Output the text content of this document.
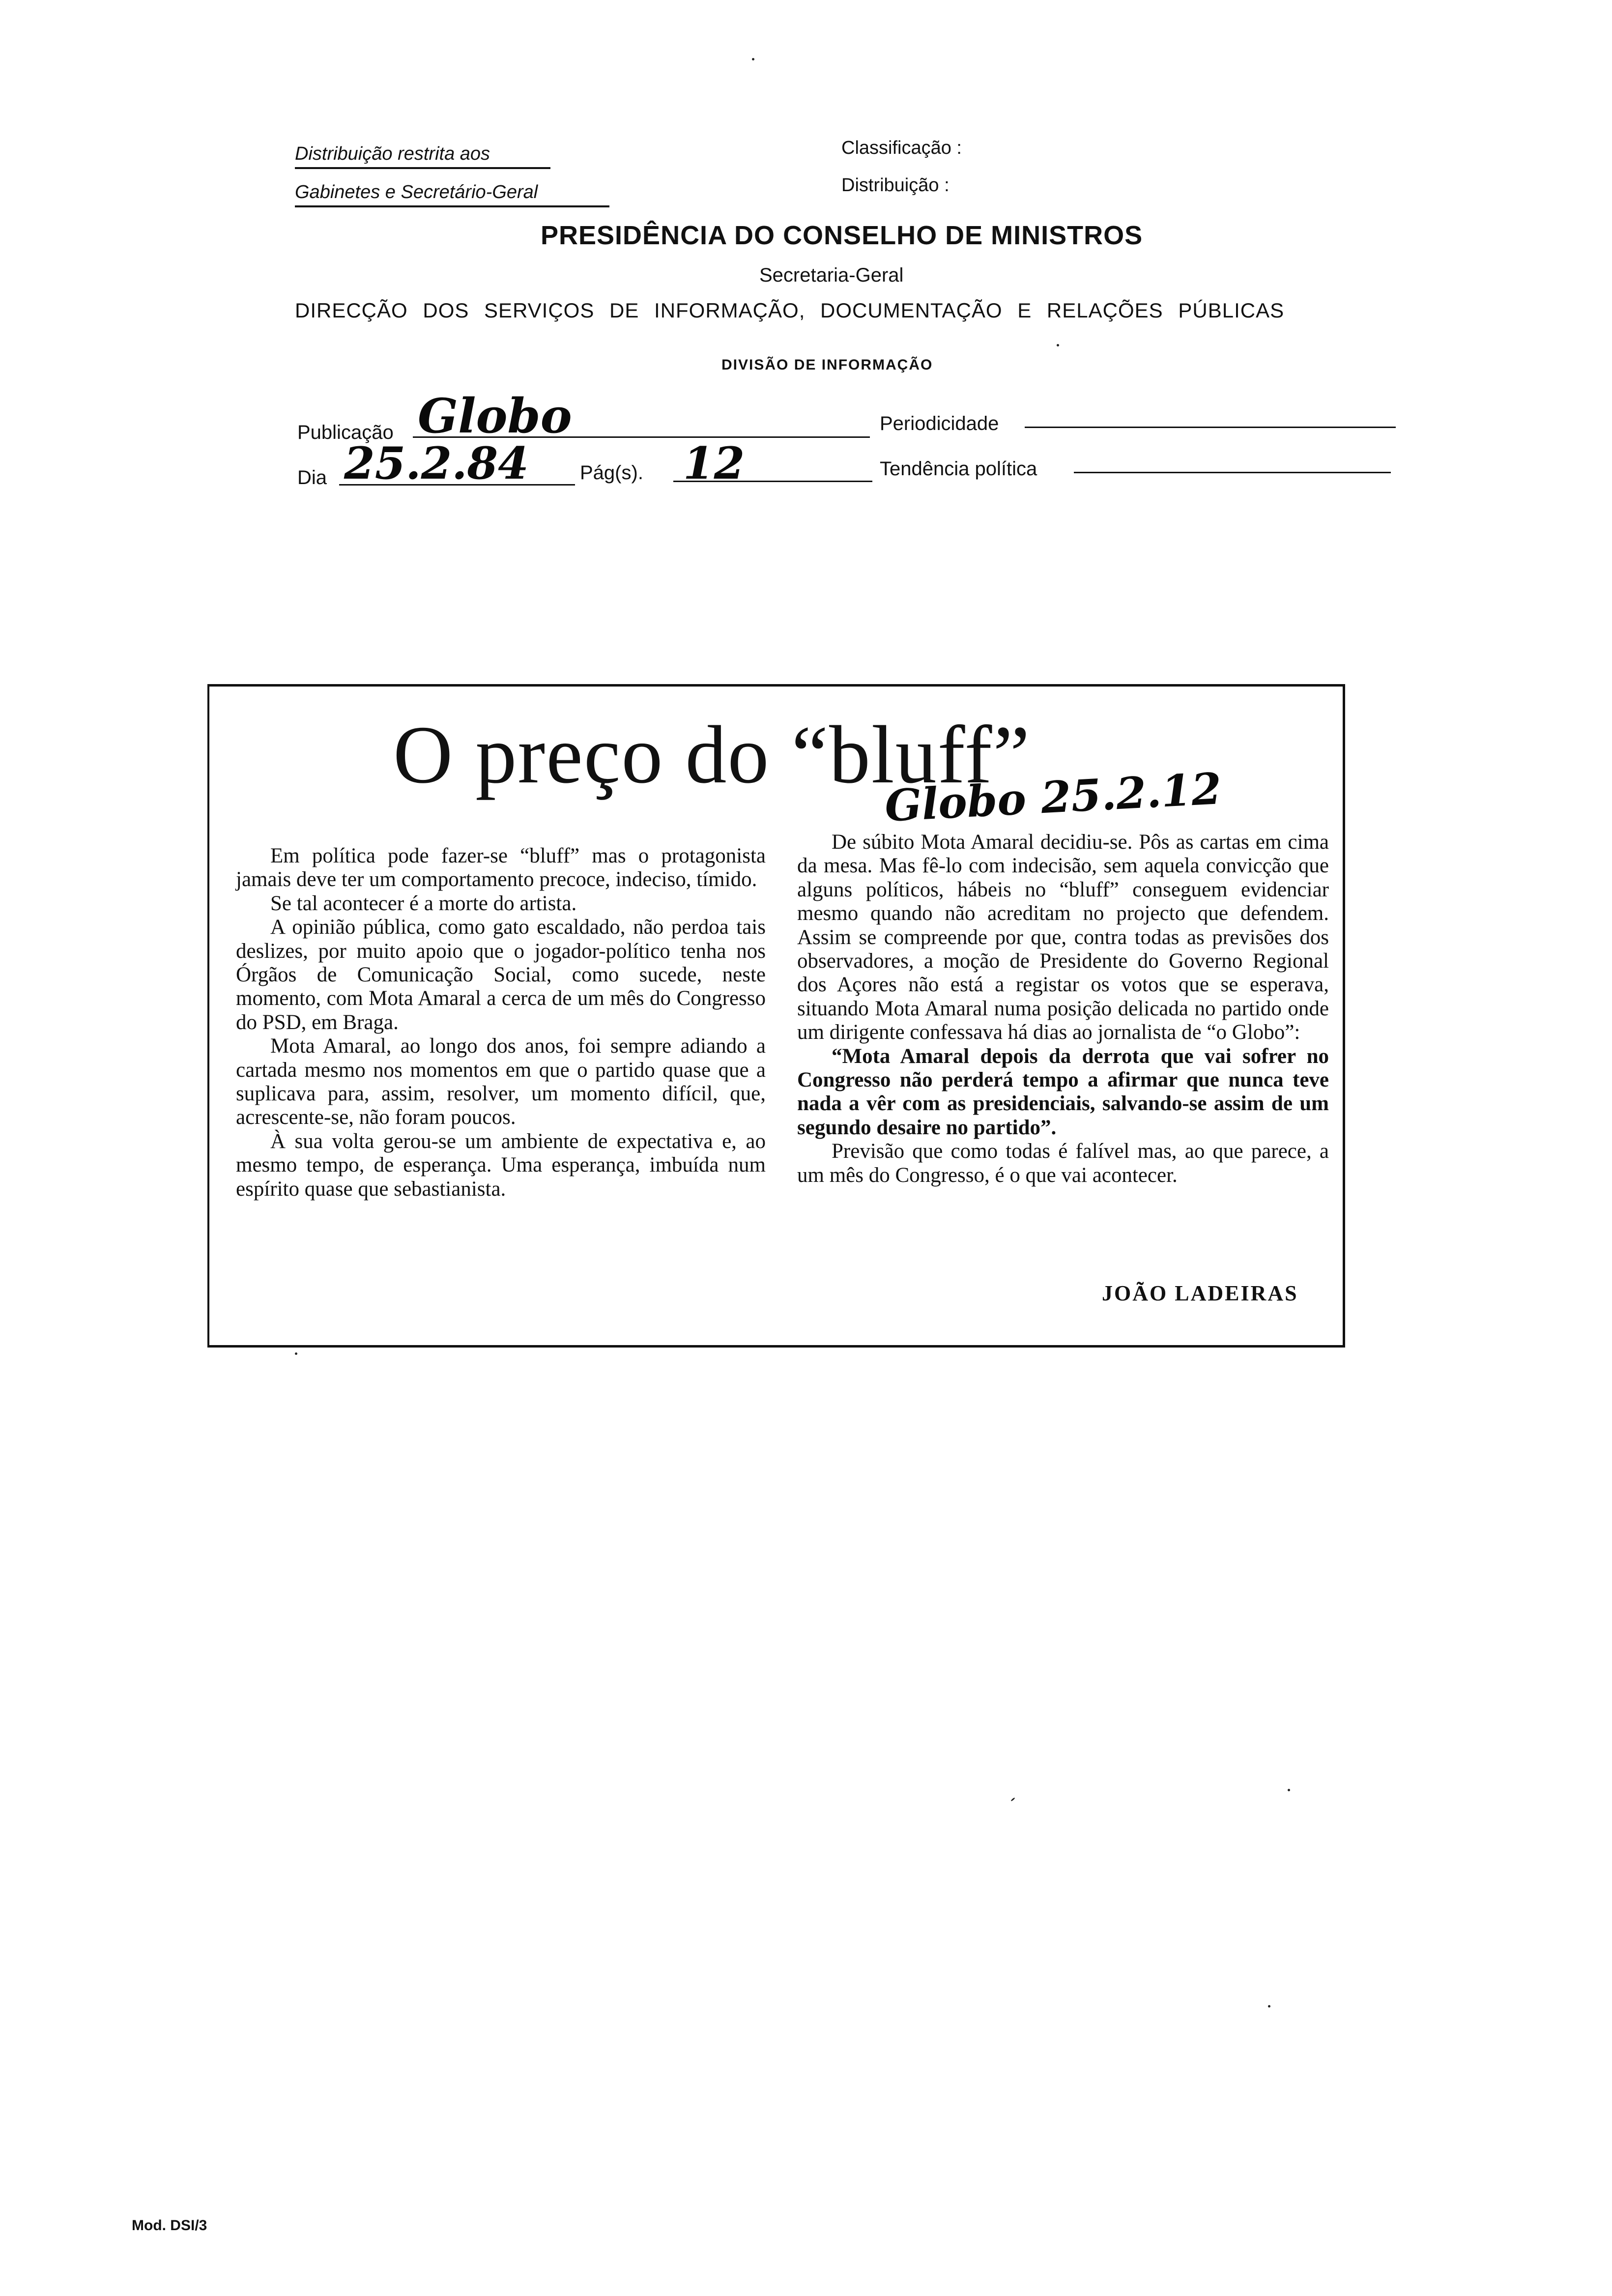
Distribuição restrita aos
Gabinetes e Secretário-Geral
Classificação :
Distribuição :
PRESIDÊNCIA DO CONSELHO DE MINISTROS
Secretaria-Geral
DIRECÇÃO DOS SERVIÇOS DE INFORMAÇÃO, DOCUMENTAÇÃO E RELAÇÕES PÚBLICAS
DIVISÃO DE INFORMAÇÃO
Publicação Globo	Periodicidade
Dia 25.2.84	Pág(s). 12	Tendência política
O preço do “bluff”
Globo 25.2.12

Em política pode fazer-se “bluff” mas o protagonista jamais deve ter um comportamento precoce, indeciso, tímido.

Se tal acontecer é a morte do artista.

A opinião pública, como gato escaldado, não perdoa tais deslizes, por muito apoio que o jogador-político tenha nos Órgãos de Comunicação Social, como sucede, neste momento, com Mota Amaral a cerca de um mês do Congresso do PSD, em Braga.

Mota Amaral, ao longo dos anos, foi sempre adiando a cartada mesmo nos momentos em que o partido quase que a suplicava para, assim, resolver, um momento difícil, que, acrescente-se, não foram poucos.

À sua volta gerou-se um ambiente de expectativa e, ao mesmo tempo, de esperança. Uma esperança, imbuída num espírito quase que sebastianista.

De súbito Mota Amaral decidiu-se. Pôs as cartas em cima da mesa. Mas fê-lo com indecisão, sem aquela convicção que alguns políticos, hábeis no “bluff” conseguem evidenciar mesmo quando não acreditam no projecto que defendem. Assim se compreende por que, contra todas as previsões dos observadores, a moção de Presidente do Governo Regional dos Açores não está a registar os votos que se esperava, situando Mota Amaral numa posição delicada no partido onde um dirigente confessava há dias ao jornalista de “o Globo”:

“Mota Amaral depois da derrota que vai sofrer no Congresso não perderá tempo a afirmar que nunca teve nada a vêr com as presidenciais, salvando-se assim de um segundo desaire no partido”.

Previsão que como todas é falível mas, ao que parece, a um mês do Congresso, é o que vai acontecer.

JOÃO LADEIRAS
Mod. DSI/3
